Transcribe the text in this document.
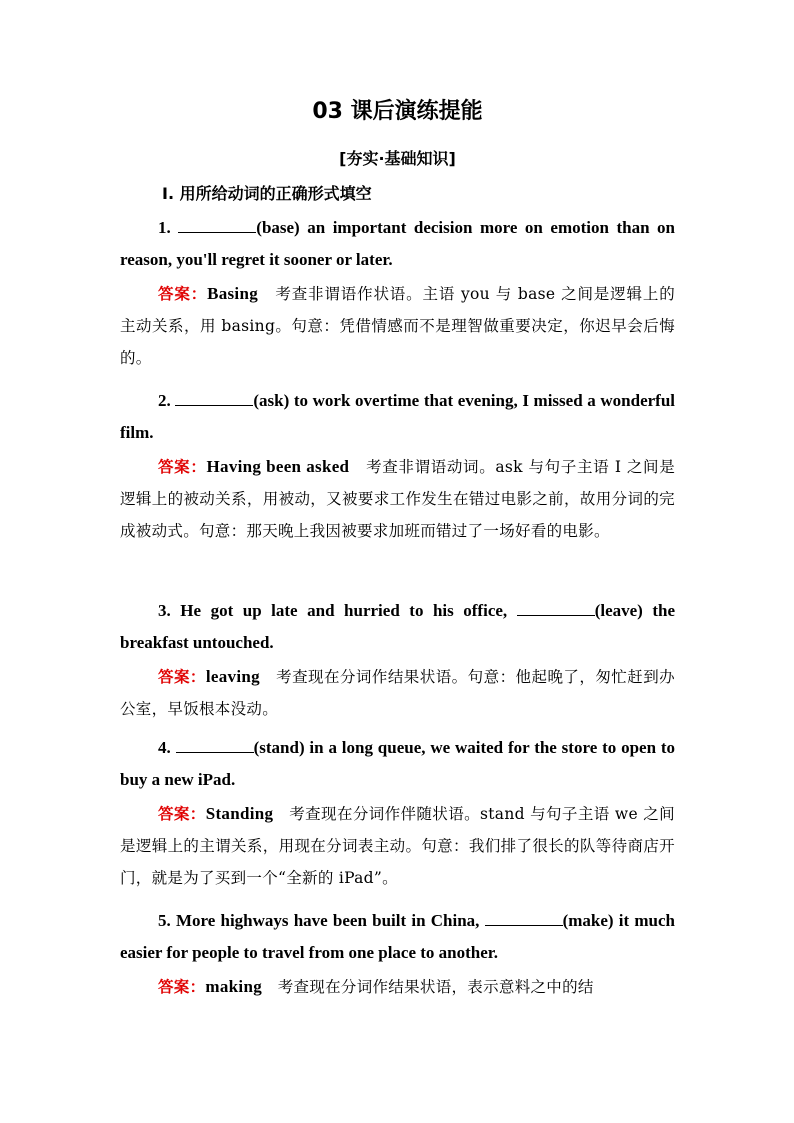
03 课后演练提能
[夯实·基础知识]
Ⅰ. 用所给动词的正确形式填空
1.	(base) an important decision more on emotion than on reason, you'll regret it sooner or later.
答案：Basing 考查非谓语作状语。主语 you 与 base 之间是逻辑上的主动关系，用 basing。句意：凭借情感而不是理智做重要决定，你迟早会后悔的。
2.	(ask) to work overtime that evening, I missed a wonderful film.
答案：Having been asked 考查非谓语动词。ask 与句子主语 I 之间是逻辑上的被动关系，用被动，又被要求工作发生在错过电影之前，故用分词的完成被动式。句意：那天晚上我因被要求加班而错过了一场好看的电影。
3. He got up late and hurried to his office,	(leave) the breakfast untouched.
答案：leaving 考查现在分词作结果状语。句意：他起晚了，匆忙赶到办公室，早饭根本没动。
4.	(stand) in a long queue, we waited for the store to open to buy a new iPad.
答案：Standing 考查现在分词作伴随状语。stand 与句子主语 we 之间是逻辑上的主谓关系，用现在分词表主动。句意：我们排了很长的队等待商店开门，就是为了买到一个“全新的 iPad”。
5. More highways have been built in China,	(make) it much easier for people to travel from one place to another.
答案：making 考查现在分词作结果状语，表示意料之中的结
